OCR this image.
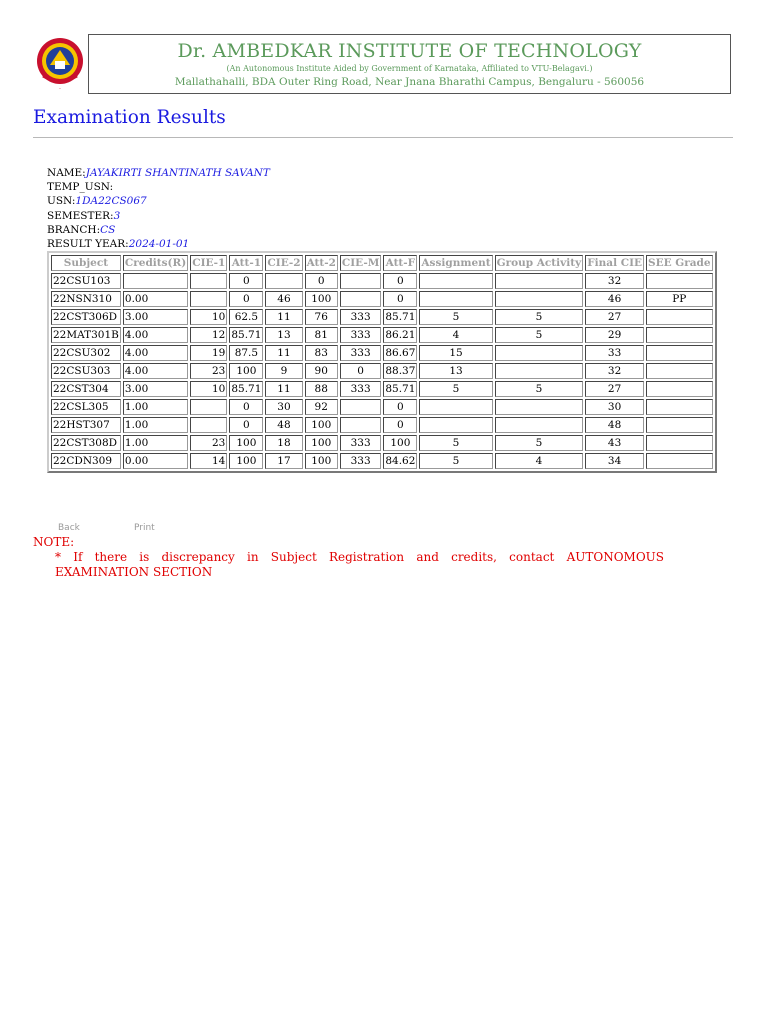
~
Dr. AMBEDKAR INSTITUTE OF TECHNOLOGY
(An Autonomous Institute Aided by Government of Karnataka, Affiliated to VTU-Belagavi.)
Mallathahalli, BDA Outer Ring Road, Near Jnana Bharathi Campus, Bengaluru - 560056
Examination Results
NAME:JAYAKIRTI SHANTINATH SAVANT
TEMP_USN:
USN:1DA22CS067
SEMESTER:3
BRANCH:CS
RESULT YEAR:2024-01-01
Subject	Credits(R)	CIE-1	Att-1	CIE-2	Att-2	CIE-M	Att-F	Assignment	Group Activity	Final CIE	SEE Grade
22CSU103			0		0		0			32	
22NSN310	0.00		0	46	100		0			46	PP
22CST306D	3.00	10	62.5	11	76	333	85.71	5	5	27	
22MAT301B	4.00	12	85.71	13	81	333	86.21	4	5	29	
22CSU302	4.00	19	87.5	11	83	333	86.67	15		33	
22CSU303	4.00	23	100	9	90	0	88.37	13		32	
22CST304	3.00	10	85.71	11	88	333	85.71	5	5	27	
22CSL305	1.00		0	30	92		0			30	
22HST307	1.00		0	48	100		0			48	
22CST308D	1.00	23	100	18	100	333	100	5	5	43	
22CDN309	0.00	14	100	17	100	333	84.62	5	4	34	
Back	Print
NOTE:
* If there is discrepancy in Subject Registration and credits, contact AUTONOMOUS EXAMINATION SECTION
